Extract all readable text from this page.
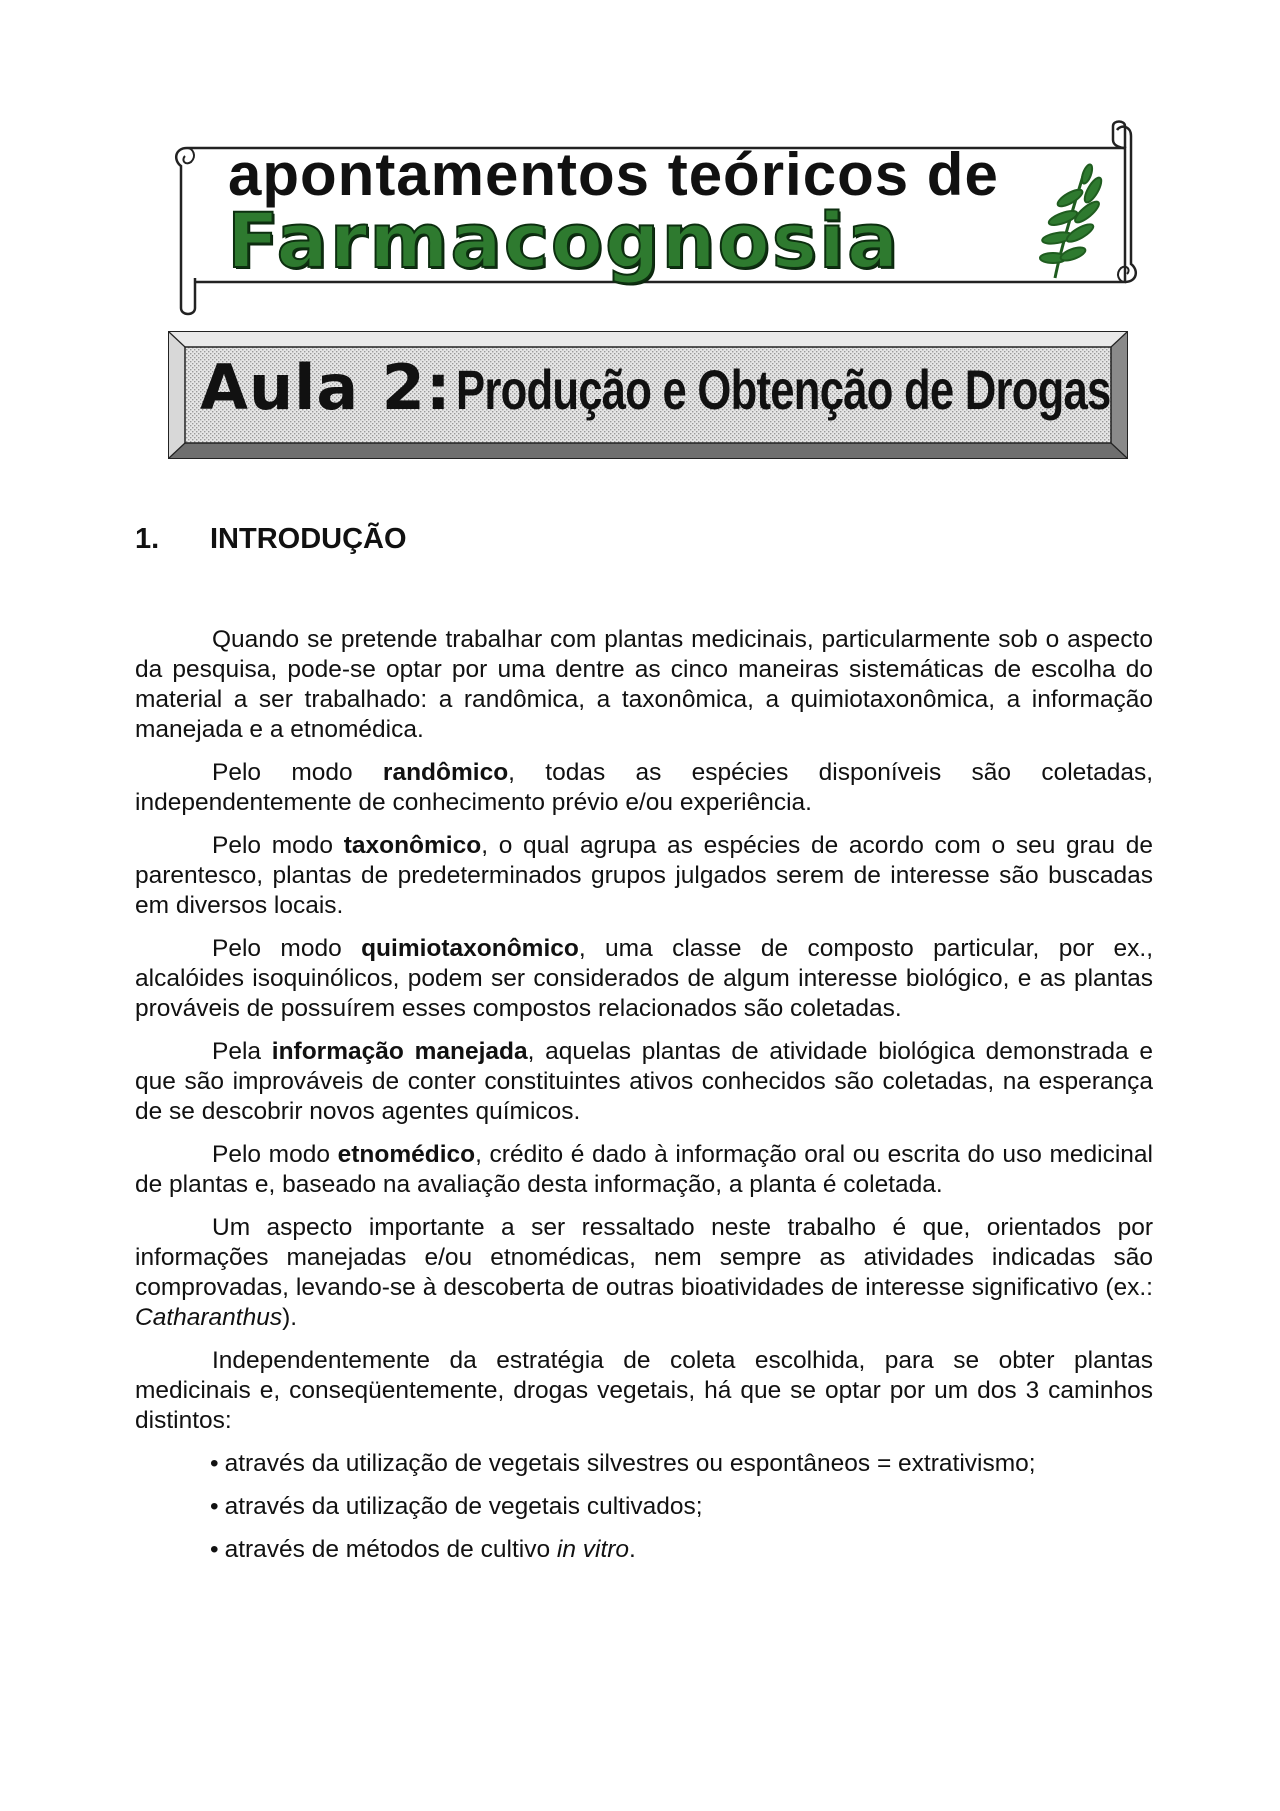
apontamentos teóricos de
Farmacognosia
Aula 2: Produção e Obtenção de Drogas
1. INTRODUÇÃO

Quando se pretende trabalhar com plantas medicinais, particularmente sob o aspecto da pesquisa, pode-se optar por uma dentre as cinco maneiras sistemáticas de escolha do material a ser trabalhado: a randômica, a taxonômica, a quimiotaxonômica, a informação manejada e a etnomédica.

Pelo modo randômico, todas as espécies disponíveis são coletadas, independentemente de conhecimento prévio e/ou experiência.

Pelo modo taxonômico, o qual agrupa as espécies de acordo com o seu grau de parentesco, plantas de predeterminados grupos julgados serem de interesse são buscadas em diversos locais.

Pelo modo quimiotaxonômico, uma classe de composto particular, por ex., alcalóides isoquinólicos, podem ser considerados de algum interesse biológico, e as plantas prováveis de possuírem esses compostos relacionados são coletadas.

Pela informação manejada, aquelas plantas de atividade biológica demonstrada e que são improváveis de conter constituintes ativos conhecidos são coletadas, na esperança de se descobrir novos agentes químicos.

Pelo modo etnomédico, crédito é dado à informação oral ou escrita do uso medicinal de plantas e, baseado na avaliação desta informação, a planta é coletada.

Um aspecto importante a ser ressaltado neste trabalho é que, orientados por informações manejadas e/ou etnomédicas, nem sempre as atividades indicadas são comprovadas, levando-se à descoberta de outras bioatividades de interesse significativo (ex.: Catharanthus).

Independentemente da estratégia de coleta escolhida, para se obter plantas medicinais e, conseqüentemente, drogas vegetais, há que se optar por um dos 3 caminhos distintos:

• através da utilização de vegetais silvestres ou espontâneos = extrativismo;
• através da utilização de vegetais cultivados;
• através de métodos de cultivo in vitro.
